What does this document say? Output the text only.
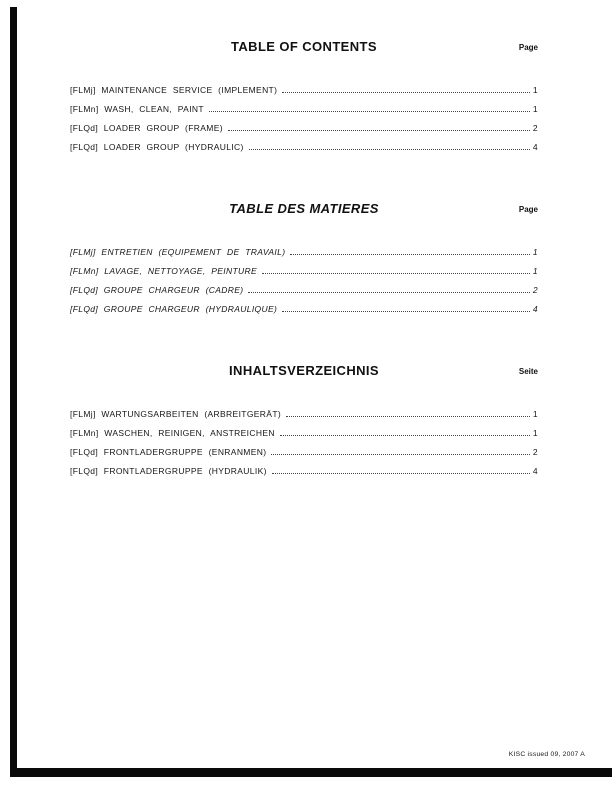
TABLE OF CONTENTS	Page
[FLMj] MAINTENANCE SERVICE (IMPLEMENT)	1
[FLMn] WASH, CLEAN, PAINT	1
[FLQd] LOADER GROUP (FRAME)	2
[FLQd] LOADER GROUP (HYDRAULIC)	4
TABLE DES MATIERES	Page
[FLMj] ENTRETIEN (EQUIPEMENT DE TRAVAIL)	1
[FLMn] LAVAGE, NETTOYAGE, PEINTURE	1
[FLQd] GROUPE CHARGEUR (CADRE)	2
[FLQd] GROUPE CHARGEUR (HYDRAULIQUE)	4
INHALTSVERZEICHNIS	Seite
[FLMj] WARTUNGSARBEITEN (ARBREITGERÄT)	1
[FLMn] WASCHEN, REINIGEN, ANSTREICHEN	1
[FLQd] FRONTLADERGRUPPE (ENRANMEN)	2
[FLQd] FRONTLADERGRUPPE (HYDRAULIK)	4
KISC issued 09, 2007 A
